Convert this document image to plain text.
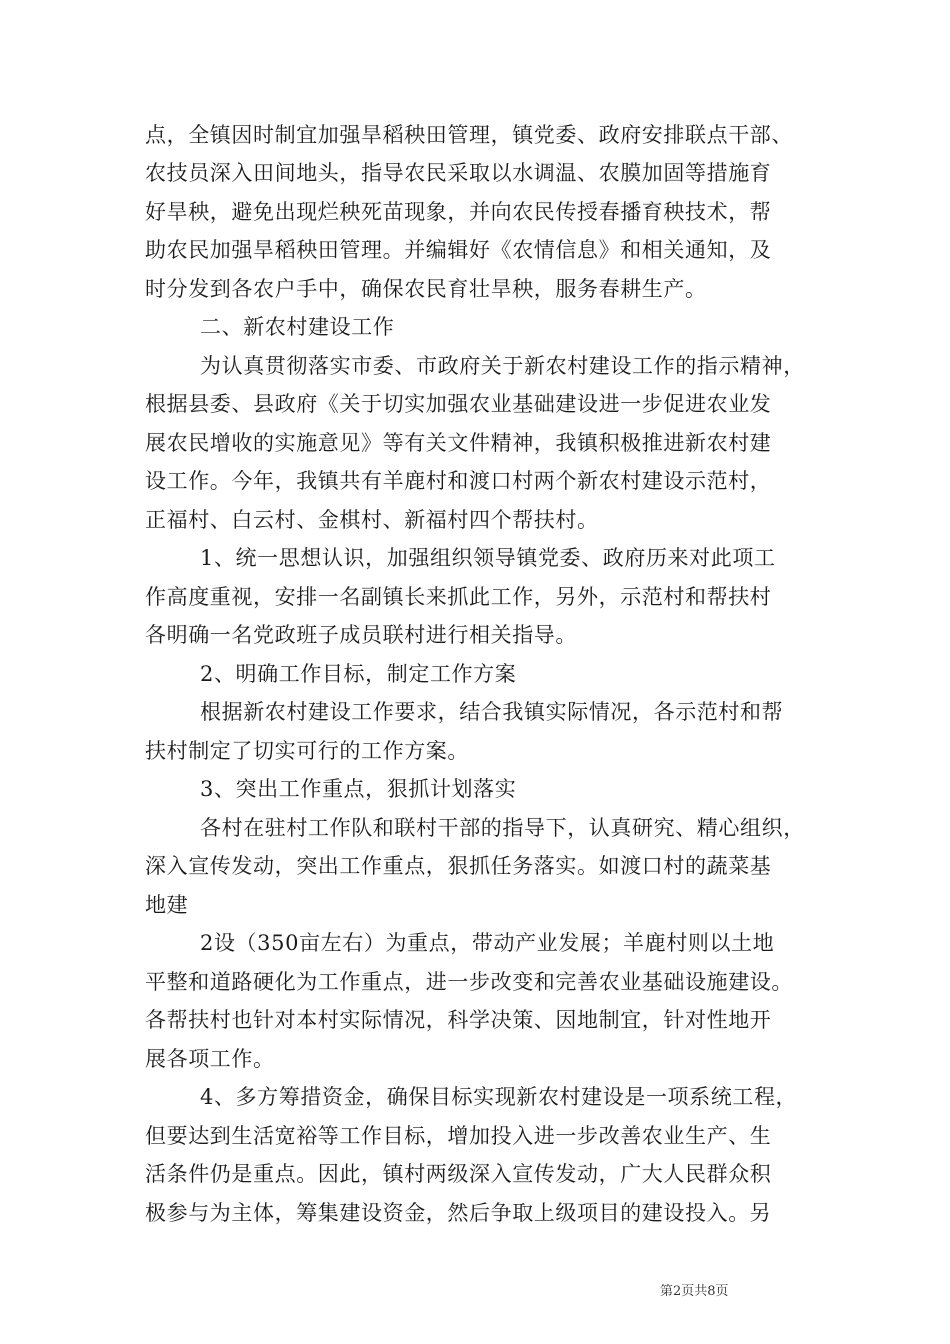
点，全镇因时制宜加强旱稻秧田管理，镇党委、政府安排联点干部、
农技员深入田间地头，指导农民采取以水调温、农膜加固等措施育
好旱秧，避免出现烂秧死苗现象，并向农民传授春播育秧技术，帮
助农民加强旱稻秧田管理。并编辑好《农情信息》和相关通知，及
时分发到各农户手中，确保农民育壮旱秧，服务春耕生产。
二、新农村建设工作
为认真贯彻落实市委、市政府关于新农村建设工作的指示精神，
根据县委、县政府《关于切实加强农业基础建设进一步促进农业发
展农民增收的实施意见》等有关文件精神，我镇积极推进新农村建
设工作。今年，我镇共有羊鹿村和渡口村两个新农村建设示范村，
正福村、白云村、金棋村、新福村四个帮扶村。
1、统一思想认识，加强组织领导镇党委、政府历来对此项工
作高度重视，安排一名副镇长来抓此工作，另外，示范村和帮扶村
各明确一名党政班子成员联村进行相关指导。
2、明确工作目标，制定工作方案
根据新农村建设工作要求，结合我镇实际情况，各示范村和帮
扶村制定了切实可行的工作方案。
3、突出工作重点，狠抓计划落实
各村在驻村工作队和联村干部的指导下，认真研究、精心组织，
深入宣传发动，突出工作重点，狠抓任务落实。如渡口村的蔬菜基
地建
2设（350亩左右）为重点，带动产业发展；羊鹿村则以土地
平整和道路硬化为工作重点，进一步改变和完善农业基础设施建设。
各帮扶村也针对本村实际情况，科学决策、因地制宜，针对性地开
展各项工作。
4、多方筹措资金，确保目标实现新农村建设是一项系统工程，
但要达到生活宽裕等工作目标，增加投入进一步改善农业生产、生
活条件仍是重点。因此，镇村两级深入宣传发动，广大人民群众积
极参与为主体，筹集建设资金，然后争取上级项目的建设投入。另
第2页共8页
